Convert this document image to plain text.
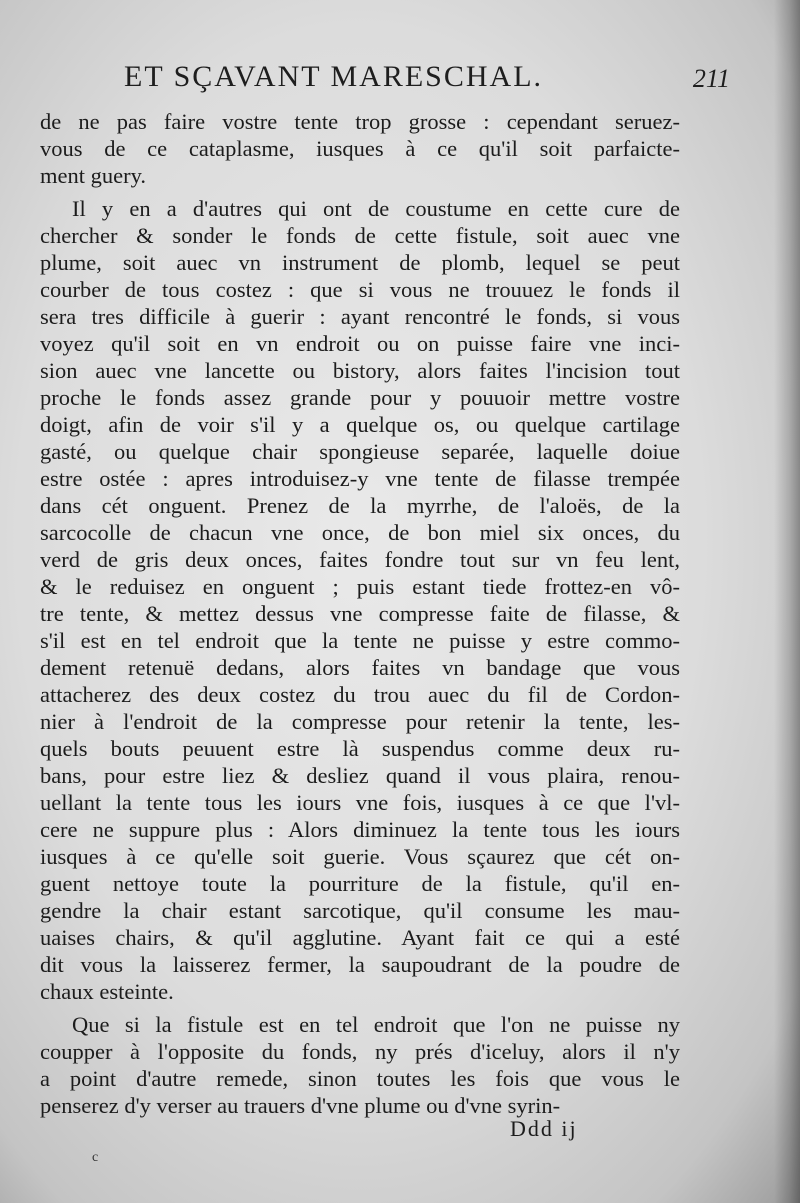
ET SÇAVANT MARESCHAL.	211
de ne pas faire vostre tente trop grosse : cependant seruez-
vous de ce cataplasme, iusques à ce qu'il soit parfaicte-
ment guery.
Il y en a d'autres qui ont de coustume en cette cure de
chercher & sonder le fonds de cette fistule, soit auec vne
plume, soit auec vn instrument de plomb, lequel se peut
courber de tous costez : que si vous ne trouuez le fonds il
sera tres difficile à guerir : ayant rencontré le fonds, si vous
voyez qu'il soit en vn endroit ou on puisse faire vne inci-
sion auec vne lancette ou bistory, alors faites l'incision tout
proche le fonds assez grande pour y pouuoir mettre vostre
doigt, afin de voir s'il y a quelque os, ou quelque cartilage
gasté, ou quelque chair spongieuse separée, laquelle doiue
estre ostée : apres introduisez-y vne tente de filasse trempée
dans cét onguent. Prenez de la myrrhe, de l'aloës, de la
sarcocolle de chacun vne once, de bon miel six onces, du
verd de gris deux onces, faites fondre tout sur vn feu lent,
& le reduisez en onguent ; puis estant tiede frottez-en vô-
tre tente, & mettez dessus vne compresse faite de filasse, &
s'il est en tel endroit que la tente ne puisse y estre commo-
dement retenuë dedans, alors faites vn bandage que vous
attacherez des deux costez du trou auec du fil de Cordon-
nier à l'endroit de la compresse pour retenir la tente, les-
quels bouts peuuent estre là suspendus comme deux ru-
bans, pour estre liez & desliez quand il vous plaira, renou-
uellant la tente tous les iours vne fois, iusques à ce que l'vl-
cere ne suppure plus : Alors diminuez la tente tous les iours
iusques à ce qu'elle soit guerie. Vous sçaurez que cét on-
guent nettoye toute la pourriture de la fistule, qu'il en-
gendre la chair estant sarcotique, qu'il consume les mau-
uaises chairs, & qu'il agglutine. Ayant fait ce qui a esté
dit vous la laisserez fermer, la saupoudrant de la poudre de
chaux esteinte.
Que si la fistule est en tel endroit que l'on ne puisse ny
coupper à l'opposite du fonds, ny prés d'iceluy, alors il n'y
a point d'autre remede, sinon toutes les fois que vous le
penserez d'y verser au trauers d'vne plume ou d'vne syrin-
Ddd ij
c
